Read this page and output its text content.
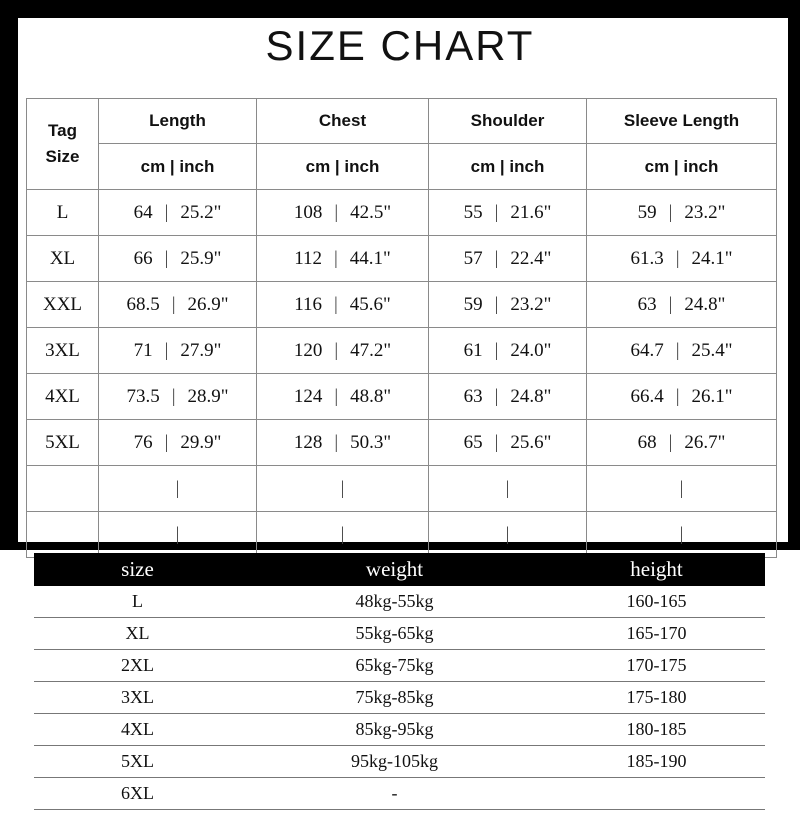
SIZE CHART
Tag
Size	Length	Chest	Shoulder	Sleeve Length
	cm | inch	cm | inch	cm | inch	cm | inch
L	64 | 25.2"	108 | 42.5"	55 | 21.6"	59 | 23.2"

XL	66 | 25.9"	112 | 44.1"	57 | 22.4"	61.3 | 24.1"

XXL	68.5 | 26.9"	116 | 45.6"	59 | 23.2"	63 | 24.8"

3XL	71 | 27.9"	120 | 47.2"	61 | 24.0"	64.7 | 25.4"

4XL	73.5 | 28.9"	124 | 48.8"	63 | 24.8"	66.4 | 26.1"

5XL	76 | 29.9"	128 | 50.3"	65 | 25.6"	68 | 26.7"

	|	|	|	|
	|	|	|	|
size	weight	height
L	48kg-55kg	160-165
XL	55kg-65kg	165-170
2XL	65kg-75kg	170-175
3XL	75kg-85kg	175-180
4XL	85kg-95kg	180-185
5XL	95kg-105kg	185-190
6XL	-
